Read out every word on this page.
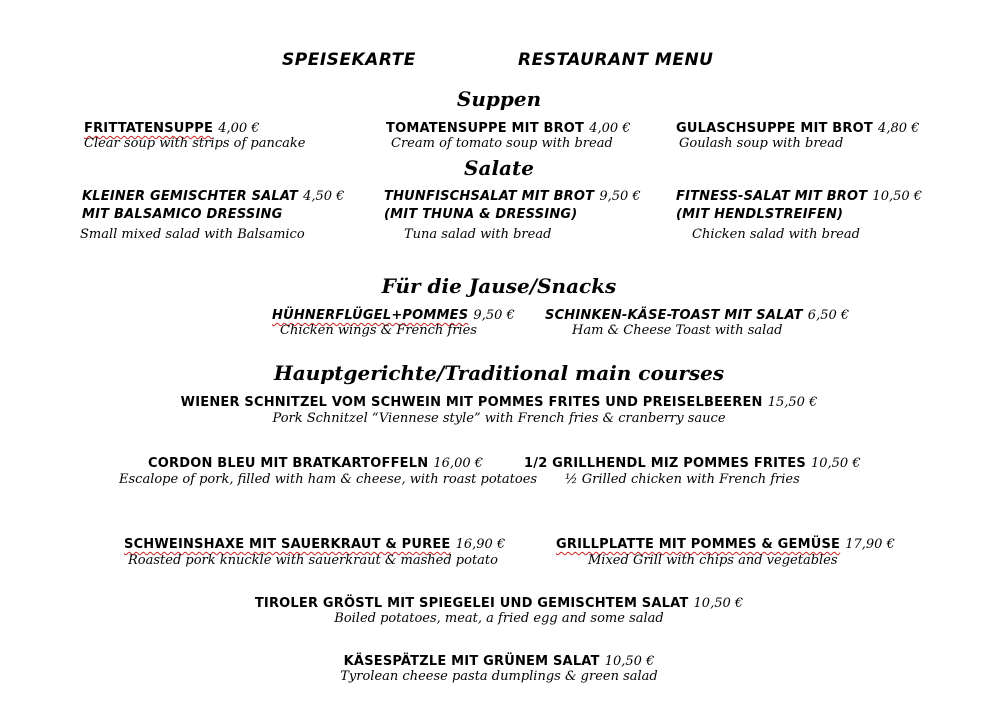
SPEISEKARTE	RESTAURANT MENU
Suppen
FRITTATENSUPPE 4,00 €
Clear soup with strips of pancake
TOMATENSUPPE MIT BROT 4,00 €
Cream of tomato soup with bread
GULASCHSUPPE MIT BROT 4,80 €
Goulash soup with bread
Salate
KLEINER GEMISCHTER SALAT 4,50 €
MIT BALSAMICO DRESSING
Small mixed salad with Balsamico
THUNFISCHSALAT MIT BROT 9,50 €
(MIT THUNA & DRESSING)
Tuna salad with bread
FITNESS-SALAT MIT BROT 10,50 €
(MIT HENDLSTREIFEN)
Chicken salad with bread
Für die Jause/Snacks
HÜHNERFLÜGEL+POMMES 9,50 €
Chicken wings & French fries
SCHINKEN-KÄSE-TOAST MIT SALAT 6,50 €
Ham & Cheese Toast with salad
Hauptgerichte/Traditional main courses
WIENER SCHNITZEL VOM SCHWEIN MIT POMMES FRITES UND PREISELBEEREN 15,50 €
Pork Schnitzel “Viennese style” with French fries & cranberry sauce
CORDON BLEU MIT BRATKARTOFFELN 16,00 €
Escalope of pork, filled with ham & cheese, with roast potatoes
1/2 GRILLHENDL MIZ POMMES FRITES 10,50 €
½ Grilled chicken with French fries
SCHWEINSHAXE MIT SAUERKRAUT & PUREE 16,90 €
Roasted pork knuckle with sauerkraut & mashed potato
GRILLPLATTE MIT POMMES & GEMÜSE 17,90 €
Mixed Grill with chips and vegetables
TIROLER GRÖSTL MIT SPIEGELEI UND GEMISCHTEM SALAT 10,50 €
Boiled potatoes, meat, a fried egg and some salad
KÄSESPÄTZLE MIT GRÜNEM SALAT 10,50 €
Tyrolean cheese pasta dumplings & green salad
